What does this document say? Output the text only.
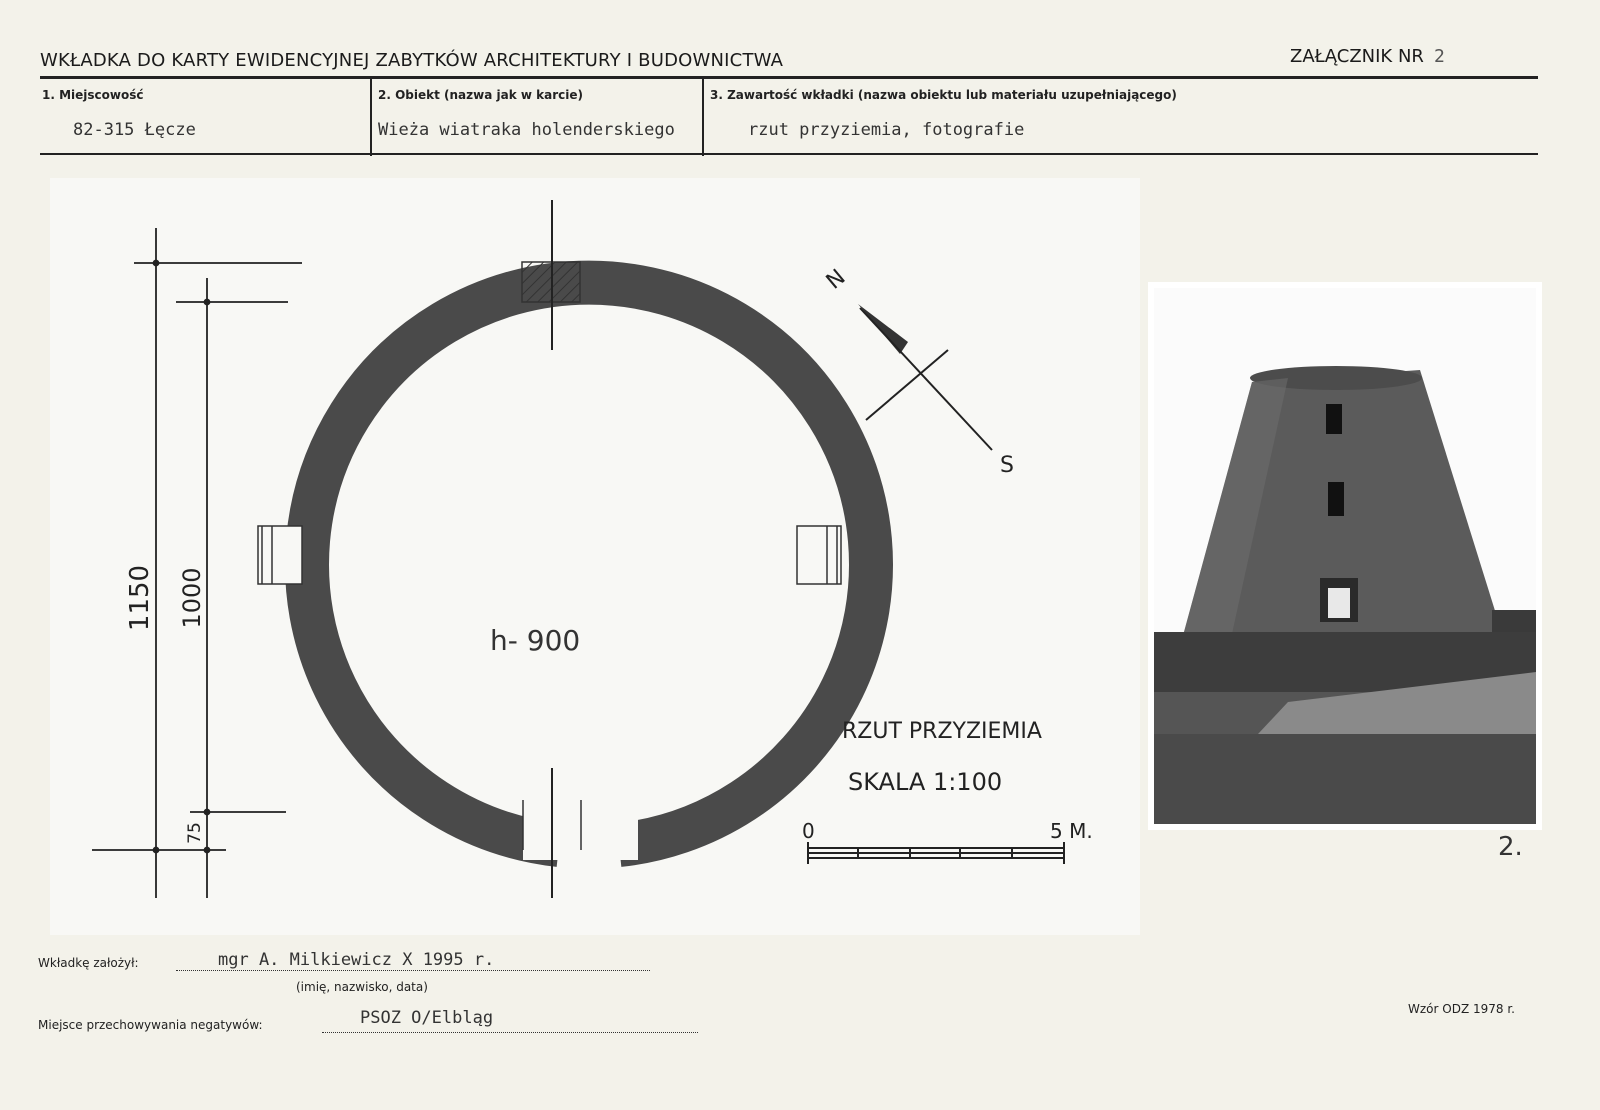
WKŁADKA DO KARTY EWIDENCYJNEJ ZABYTKÓW ARCHITEKTURY I BUDOWNICTWA	ZAŁĄCZNIK NR 2
1. Miejscowość
82-315 Łęcze
2. Obiekt (nazwa jak w karcie)
Wieża wiatraka holenderskiego
3. Zawartość wkładki (nazwa obiektu lub materiału uzupełniającego)
rzut przyziemia, fotografie
1150 1000
75
h- 900
N
S
RZUT PRZYZIEMIA
SKALA 1:100
0	5 M.
2.
Wkładkę założył:	mgr A. Milkiewicz X 1995 r.
(imię, nazwisko, data)
Miejsce przechowywania negatywów:	PSOZ O/Elbląg	Wzór ODZ 1978 r.
